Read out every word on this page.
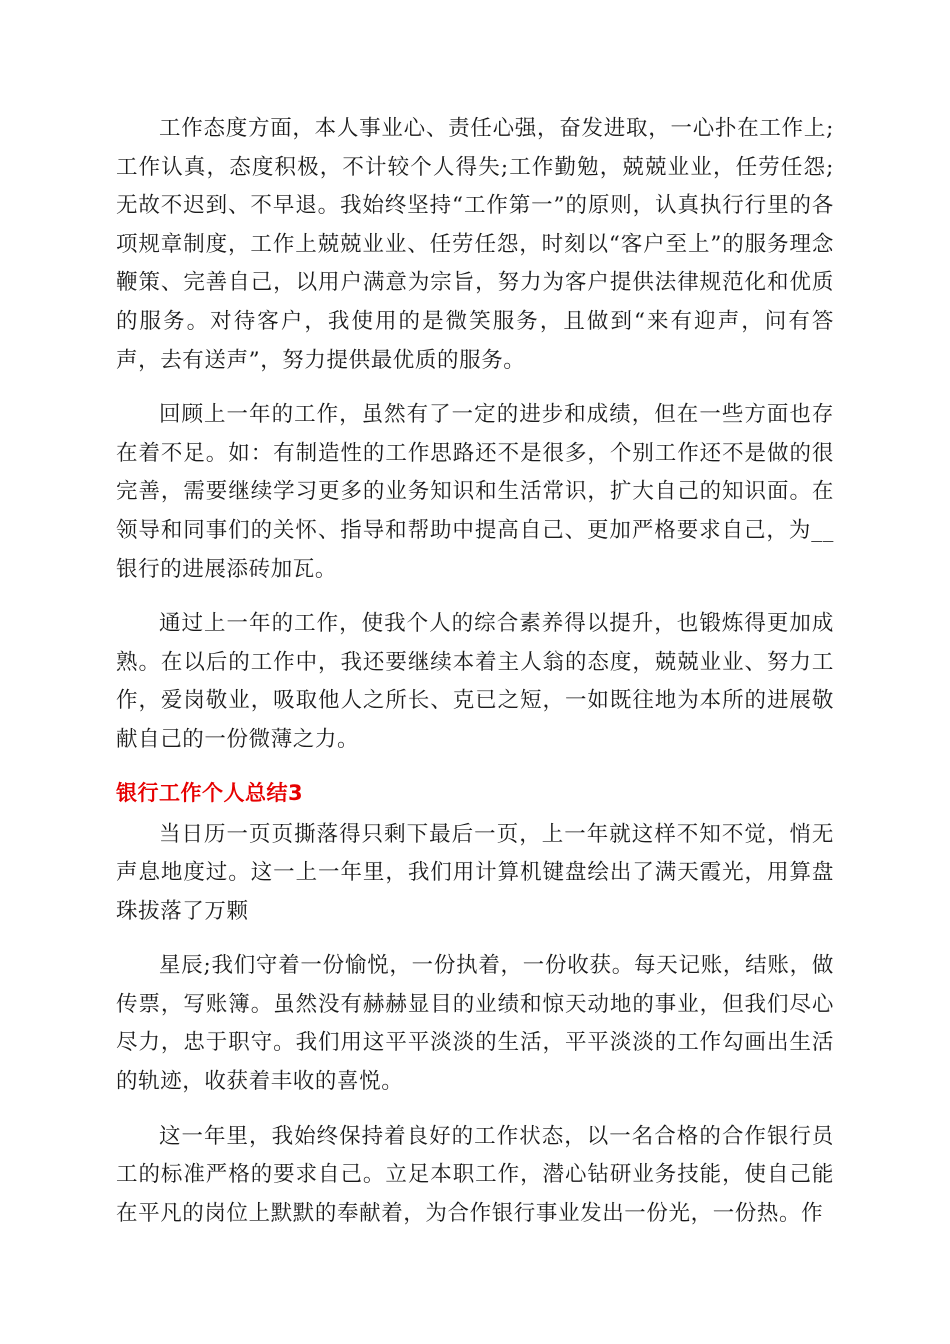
工作态度方面，本人事业心、责任心强，奋发进取，一心扑在工作上;工作认真，态度积极，不计较个人得失;工作勤勉，兢兢业业，任劳任怨;无故不迟到、不早退。我始终坚持“工作第一”的原则，认真执行行里的各项规章制度，工作上兢兢业业、任劳任怨，时刻以“客户至上”的服务理念鞭策、完善自己，以用户满意为宗旨，努力为客户提供法律规范化和优质的服务。对待客户，我使用的是微笑服务，且做到“来有迎声，问有答声，去有送声”，努力提供最优质的服务。

回顾上一年的工作，虽然有了一定的进步和成绩，但在一些方面也存在着不足。如：有制造性的工作思路还不是很多，个别工作还不是做的很完善，需要继续学习更多的业务知识和生活常识，扩大自己的知识面。在领导和同事们的关怀、指导和帮助中提高自己、更加严格要求自己，为__银行的进展添砖加瓦。

通过上一年的工作，使我个人的综合素养得以提升，也锻炼得更加成熟。在以后的工作中，我还要继续本着主人翁的态度，兢兢业业、努力工作，爱岗敬业，吸取他人之所长、克已之短，一如既往地为本所的进展敬献自己的一份微薄之力。

银行工作个人总结3

当日历一页页撕落得只剩下最后一页，上一年就这样不知不觉，悄无声息地度过。这一上一年里，我们用计算机键盘绘出了满天霞光，用算盘珠拔落了万颗

星辰;我们守着一份愉悦，一份执着，一份收获。每天记账，结账，做传票，写账簿。虽然没有赫赫显目的业绩和惊天动地的事业，但我们尽心尽力，忠于职守。我们用这平平淡淡的生活，平平淡淡的工作勾画出生活的轨迹，收获着丰收的喜悦。

这一年里，我始终保持着良好的工作状态，以一名合格的合作银行员工的标准严格的要求自己。立足本职工作，潜心钻研业务技能，使自己能在平凡的岗位上默默的奉献着，为合作银行事业发出一份光，一份热。作
